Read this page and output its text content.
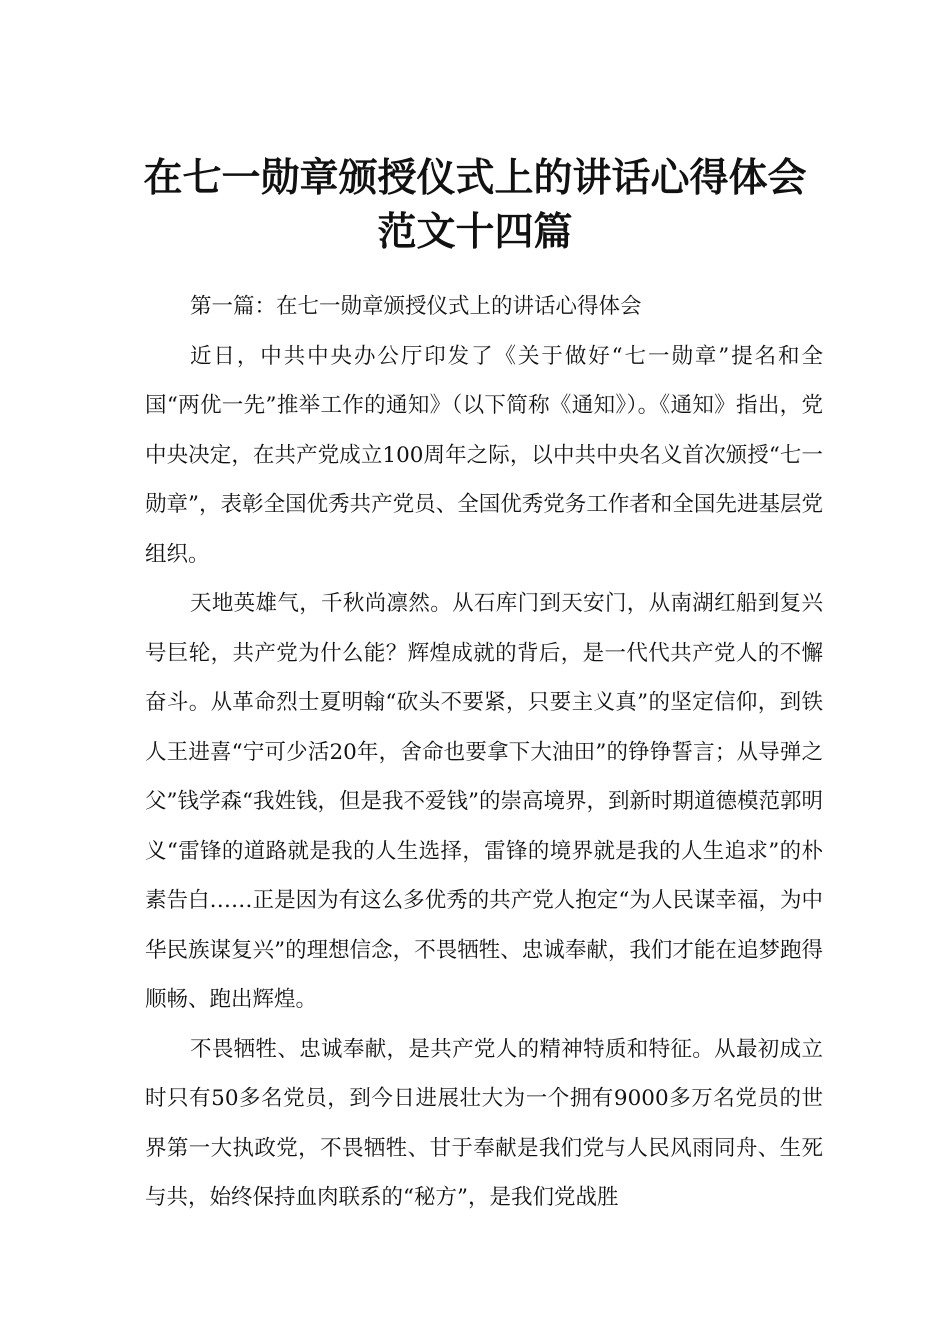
在七一勋章颁授仪式上的讲话心得体会
范文十四篇

第一篇：在七一勋章颁授仪式上的讲话心得体会

近日，中共中央办公厅印发了《关于做好“七一勋章”提名和全国“两优一先”推举工作的通知》（以下简称《通知》）。《通知》指出，党中央决定，在共产党成立100周年之际，以中共中央名义首次颁授“七一勋章”，表彰全国优秀共产党员、全国优秀党务工作者和全国先进基层党组织。

天地英雄气，千秋尚凛然。从石库门到天安门，从南湖红船到复兴号巨轮，共产党为什么能？辉煌成就的背后，是一代代共产党人的不懈奋斗。从革命烈士夏明翰“砍头不要紧，只要主义真”的坚定信仰，到铁人王进喜“宁可少活20年，舍命也要拿下大油田”的铮铮誓言；从导弹之父”钱学森“我姓钱，但是我不爱钱”的崇高境界，到新时期道德模范郭明义“雷锋的道路就是我的人生选择，雷锋的境界就是我的人生追求”的朴素告白……正是因为有这么多优秀的共产党人抱定“为人民谋幸福，为中华民族谋复兴”的理想信念，不畏牺牲、忠诚奉献，我们才能在追梦跑得顺畅、跑出辉煌。

不畏牺牲、忠诚奉献，是共产党人的精神特质和特征。从最初成立时只有50多名党员，到今日进展壮大为一个拥有9000多万名党员的世界第一大执政党，不畏牺牲、甘于奉献是我们党与人民风雨同舟、生死与共，始终保持血肉联系的“秘方”，是我们党战胜
